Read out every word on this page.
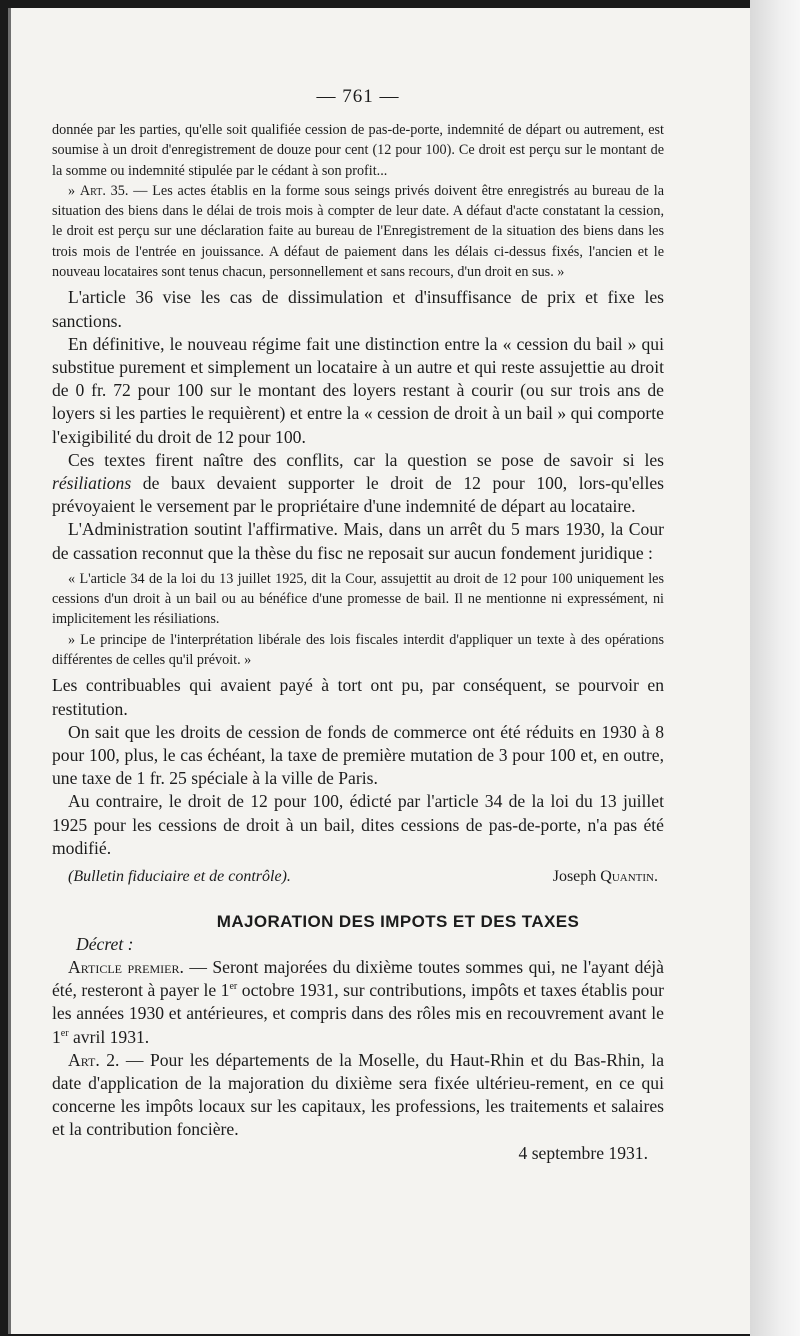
— 761 —

donnée par les parties, qu'elle soit qualifiée cession de pas-de-porte, indemnité de départ ou autrement, est soumise à un droit d'enregistrement de douze pour cent (12 pour 100). Ce droit est perçu sur le montant de la somme ou indemnité stipulée par le cédant à son profit...

» Art. 35. — Les actes établis en la forme sous seings privés doivent être enregistrés au bureau de la situation des biens dans le délai de trois mois à compter de leur date. A défaut d'acte constatant la cession, le droit est perçu sur une déclaration faite au bureau de l'Enregistrement de la situation des biens dans les trois mois de l'entrée en jouissance. A défaut de paiement dans les délais ci-dessus fixés, l'ancien et le nouveau locataires sont tenus chacun, personnellement et sans recours, d'un droit en sus. »

L'article 36 vise les cas de dissimulation et d'insuffisance de prix et fixe les sanctions.

En définitive, le nouveau régime fait une distinction entre la « cession du bail » qui substitue purement et simplement un locataire à un autre et qui reste assujettie au droit de 0 fr. 72 pour 100 sur le montant des loyers restant à courir (ou sur trois ans de loyers si les parties le requièrent) et entre la « cession de droit à un bail » qui comporte l'exigibilité du droit de 12 pour 100.

Ces textes firent naître des conflits, car la question se pose de savoir si les résiliations de baux devaient supporter le droit de 12 pour 100, lors-qu'elles prévoyaient le versement par le propriétaire d'une indemnité de départ au locataire.

L'Administration soutint l'affirmative. Mais, dans un arrêt du 5 mars 1930, la Cour de cassation reconnut que la thèse du fisc ne reposait sur aucun fondement juridique :

« L'article 34 de la loi du 13 juillet 1925, dit la Cour, assujettit au droit de 12 pour 100 uniquement les cessions d'un droit à un bail ou au bénéfice d'une promesse de bail. Il ne mentionne ni expressément, ni implicitement les résiliations.

» Le principe de l'interprétation libérale des lois fiscales interdit d'appliquer un texte à des opérations différentes de celles qu'il prévoit. »

Les contribuables qui avaient payé à tort ont pu, par conséquent, se pourvoir en restitution.

On sait que les droits de cession de fonds de commerce ont été réduits en 1930 à 8 pour 100, plus, le cas échéant, la taxe de première mutation de 3 pour 100 et, en outre, une taxe de 1 fr. 25 spéciale à la ville de Paris.

Au contraire, le droit de 12 pour 100, édicté par l'article 34 de la loi du 13 juillet 1925 pour les cessions de droit à un bail, dites cessions de pas-de-porte, n'a pas été modifié.

(Bulletin fiduciaire et de contrôle).	Joseph Quantin.
MAJORATION DES IMPOTS ET DES TAXES
Décret :

Article premier. — Seront majorées du dixième toutes sommes qui, ne l'ayant déjà été, resteront à payer le 1er octobre 1931, sur contributions, impôts et taxes établis pour les années 1930 et antérieures, et compris dans des rôles mis en recouvrement avant le 1er avril 1931.

Art. 2. — Pour les départements de la Moselle, du Haut-Rhin et du Bas-Rhin, la date d'application de la majoration du dixième sera fixée ultérieu-rement, en ce qui concerne les impôts locaux sur les capitaux, les professions, les traitements et salaires et la contribution foncière.

4 septembre 1931.
